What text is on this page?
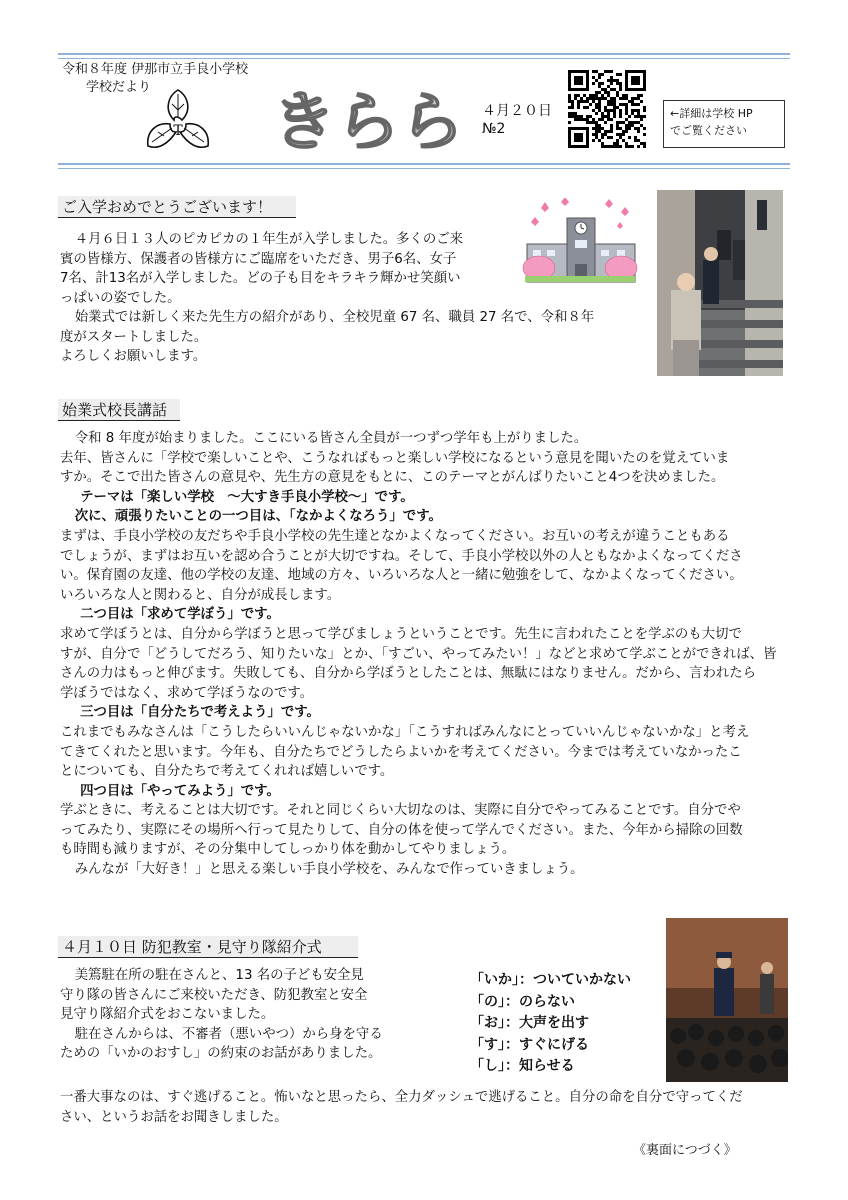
令和８年度 伊那市立手良小学校
学校だより
T きらら ４月２０日
№2
←詳細は学校 HP
でご覧ください
ご入学おめでとうございます！

４月６日１３人のピカピカの１年生が入学しました。多くのご来

賓の皆様方、保護者の皆様方にご臨席をいただき、男子6名、女子

7名、計13名が入学しました。どの子も目をキラキラ輝かせ笑顔い

っぱいの姿でした。

始業式では新しく来た先生方の紹介があり、全校児童 67 名、職員 27 名で、令和８年

度がスタートしました。

よろしくお願いします。

始業式校長講話

令和 8 年度が始まりました。ここにいる皆さん全員が一つずつ学年も上がりました。

去年、皆さんに「学校で楽しいことや、こうなればもっと楽しい学校になるという意見を聞いたのを覚えていま

すか。そこで出た皆さんの意見や、先生方の意見をもとに、このテーマとがんばりたいこと4つを決めました。

テーマは「楽しい学校　～大すき手良小学校～」です。

次に、頑張りたいことの一つ目は、「なかよくなろう」です。

まずは、手良小学校の友だちや手良小学校の先生達となかよくなってください。お互いの考えが違うこともある

でしょうが、まずはお互いを認め合うことが大切ですね。そして、手良小学校以外の人ともなかよくなってくださ

い。保育園の友達、他の学校の友達、地域の方々、いろいろな人と一緒に勉強をして、なかよくなってください。

いろいろな人と関わると、自分が成長します。

二つ目は「求めて学ぼう」です。

求めて学ぼうとは、自分から学ぼうと思って学びましょうということです。先生に言われたことを学ぶのも大切で

すが、自分で「どうしてだろう、知りたいな」とか、「すごい、やってみたい！」などと求めて学ぶことができれば、皆

さんの力はもっと伸びます。失敗しても、自分から学ぼうとしたことは、無駄にはなりません。だから、言われたら

学ぼうではなく、求めて学ぼうなのです。

三つ目は「自分たちで考えよう」です。

これまでもみなさんは「こうしたらいいんじゃないかな」「こうすればみんなにとっていいんじゃないかな」と考え

てきてくれたと思います。今年も、自分たちでどうしたらよいかを考えてください。今までは考えていなかったこ

とについても、自分たちで考えてくれれば嬉しいです。

四つ目は「やってみよう」です。

学ぶときに、考えることは大切です。それと同じくらい大切なのは、実際に自分でやってみることです。自分でや

ってみたり、実際にその場所へ行って見たりして、自分の体を使って学んでください。また、今年から掃除の回数

も時間も減りますが、その分集中してしっかり体を動かしてやりましょう。

みんなが「大好き！」と思える楽しい手良小学校を、みんなで作っていきましょう。

４月１０日 防犯教室・見守り隊紹介式

美篶駐在所の駐在さんと、13 名の子ども安全見

守り隊の皆さんにご来校いただき、防犯教室と安全

見守り隊紹介式をおこないました。

駐在さんからは、不審者（悪いやつ）から身を守る

ための「いかのおすし」の約束のお話がありました。

「いか」：ついていかない
「の」：のらない
「お」：大声を出す
「す」：すぐにげる
「し」：知らせる

一番大事なのは、すぐ逃げること。怖いなと思ったら、全力ダッシュで逃げること。自分の命を自分で守ってくだ

さい、というお話をお聞きしました。

《裏面につづく》
